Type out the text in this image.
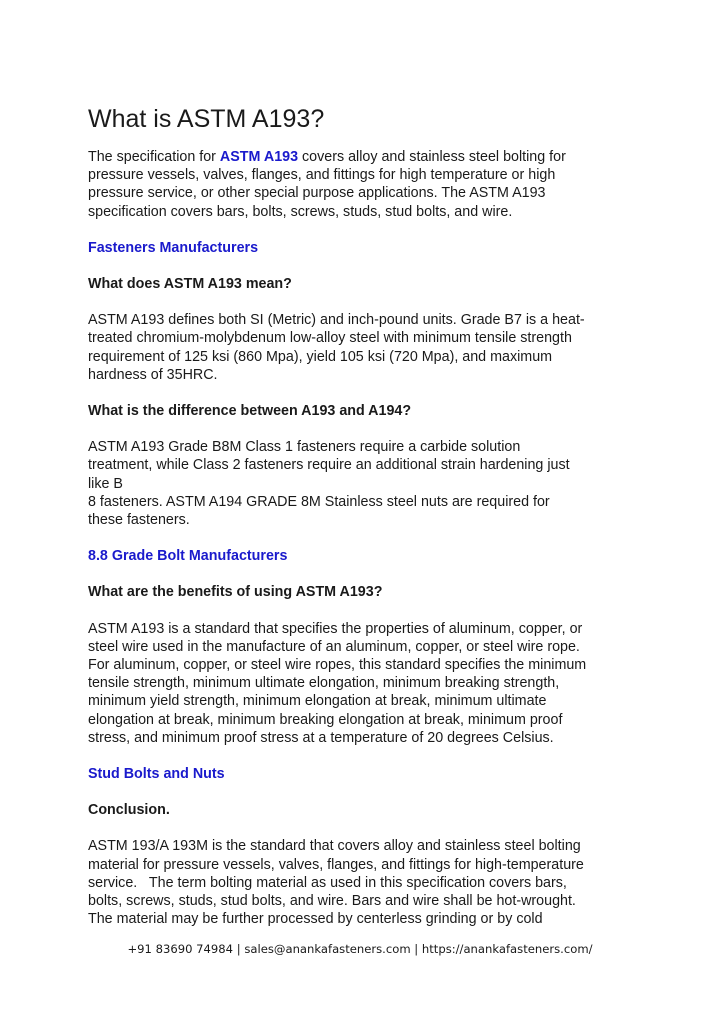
What is ASTM A193?

The specification for ASTM A193 covers alloy and stainless steel bolting for
pressure vessels, valves, flanges, and fittings for high temperature or high
pressure service, or other special purpose applications. The ASTM A193
specification covers bars, bolts, screws, studs, stud bolts, and wire.

Fasteners Manufacturers

What does ASTM A193 mean?

ASTM A193 defines both SI (Metric) and inch-pound units. Grade B7 is a heat-
treated chromium-molybdenum low-alloy steel with minimum tensile strength
requirement of 125 ksi (860 Mpa), yield 105 ksi (720 Mpa), and maximum
hardness of 35HRC.

What is the difference between A193 and A194?

ASTM A193 Grade B8M Class 1 fasteners require a carbide solution
treatment, while Class 2 fasteners require an additional strain hardening just
like B
8 fasteners. ASTM A194 GRADE 8M Stainless steel nuts are required for
these fasteners.

8.8 Grade Bolt Manufacturers

What are the benefits of using ASTM A193?

ASTM A193 is a standard that specifies the properties of aluminum, copper, or
steel wire used in the manufacture of an aluminum, copper, or steel wire rope.
For aluminum, copper, or steel wire ropes, this standard specifies the minimum
tensile strength, minimum ultimate elongation, minimum breaking strength,
minimum yield strength, minimum elongation at break, minimum ultimate
elongation at break, minimum breaking elongation at break, minimum proof
stress, and minimum proof stress at a temperature of 20 degrees Celsius.

Stud Bolts and Nuts

Conclusion.

ASTM 193/A 193M is the standard that covers alloy and stainless steel bolting
material for pressure vessels, valves, flanges, and fittings for high-temperature
service.   The term bolting material as used in this specification covers bars,
bolts, screws, studs, stud bolts, and wire. Bars and wire shall be hot-wrought.
The material may be further processed by centerless grinding or by cold

+91 83690 74984 | sales@anankafasteners.com | https://anankafasteners.com/
